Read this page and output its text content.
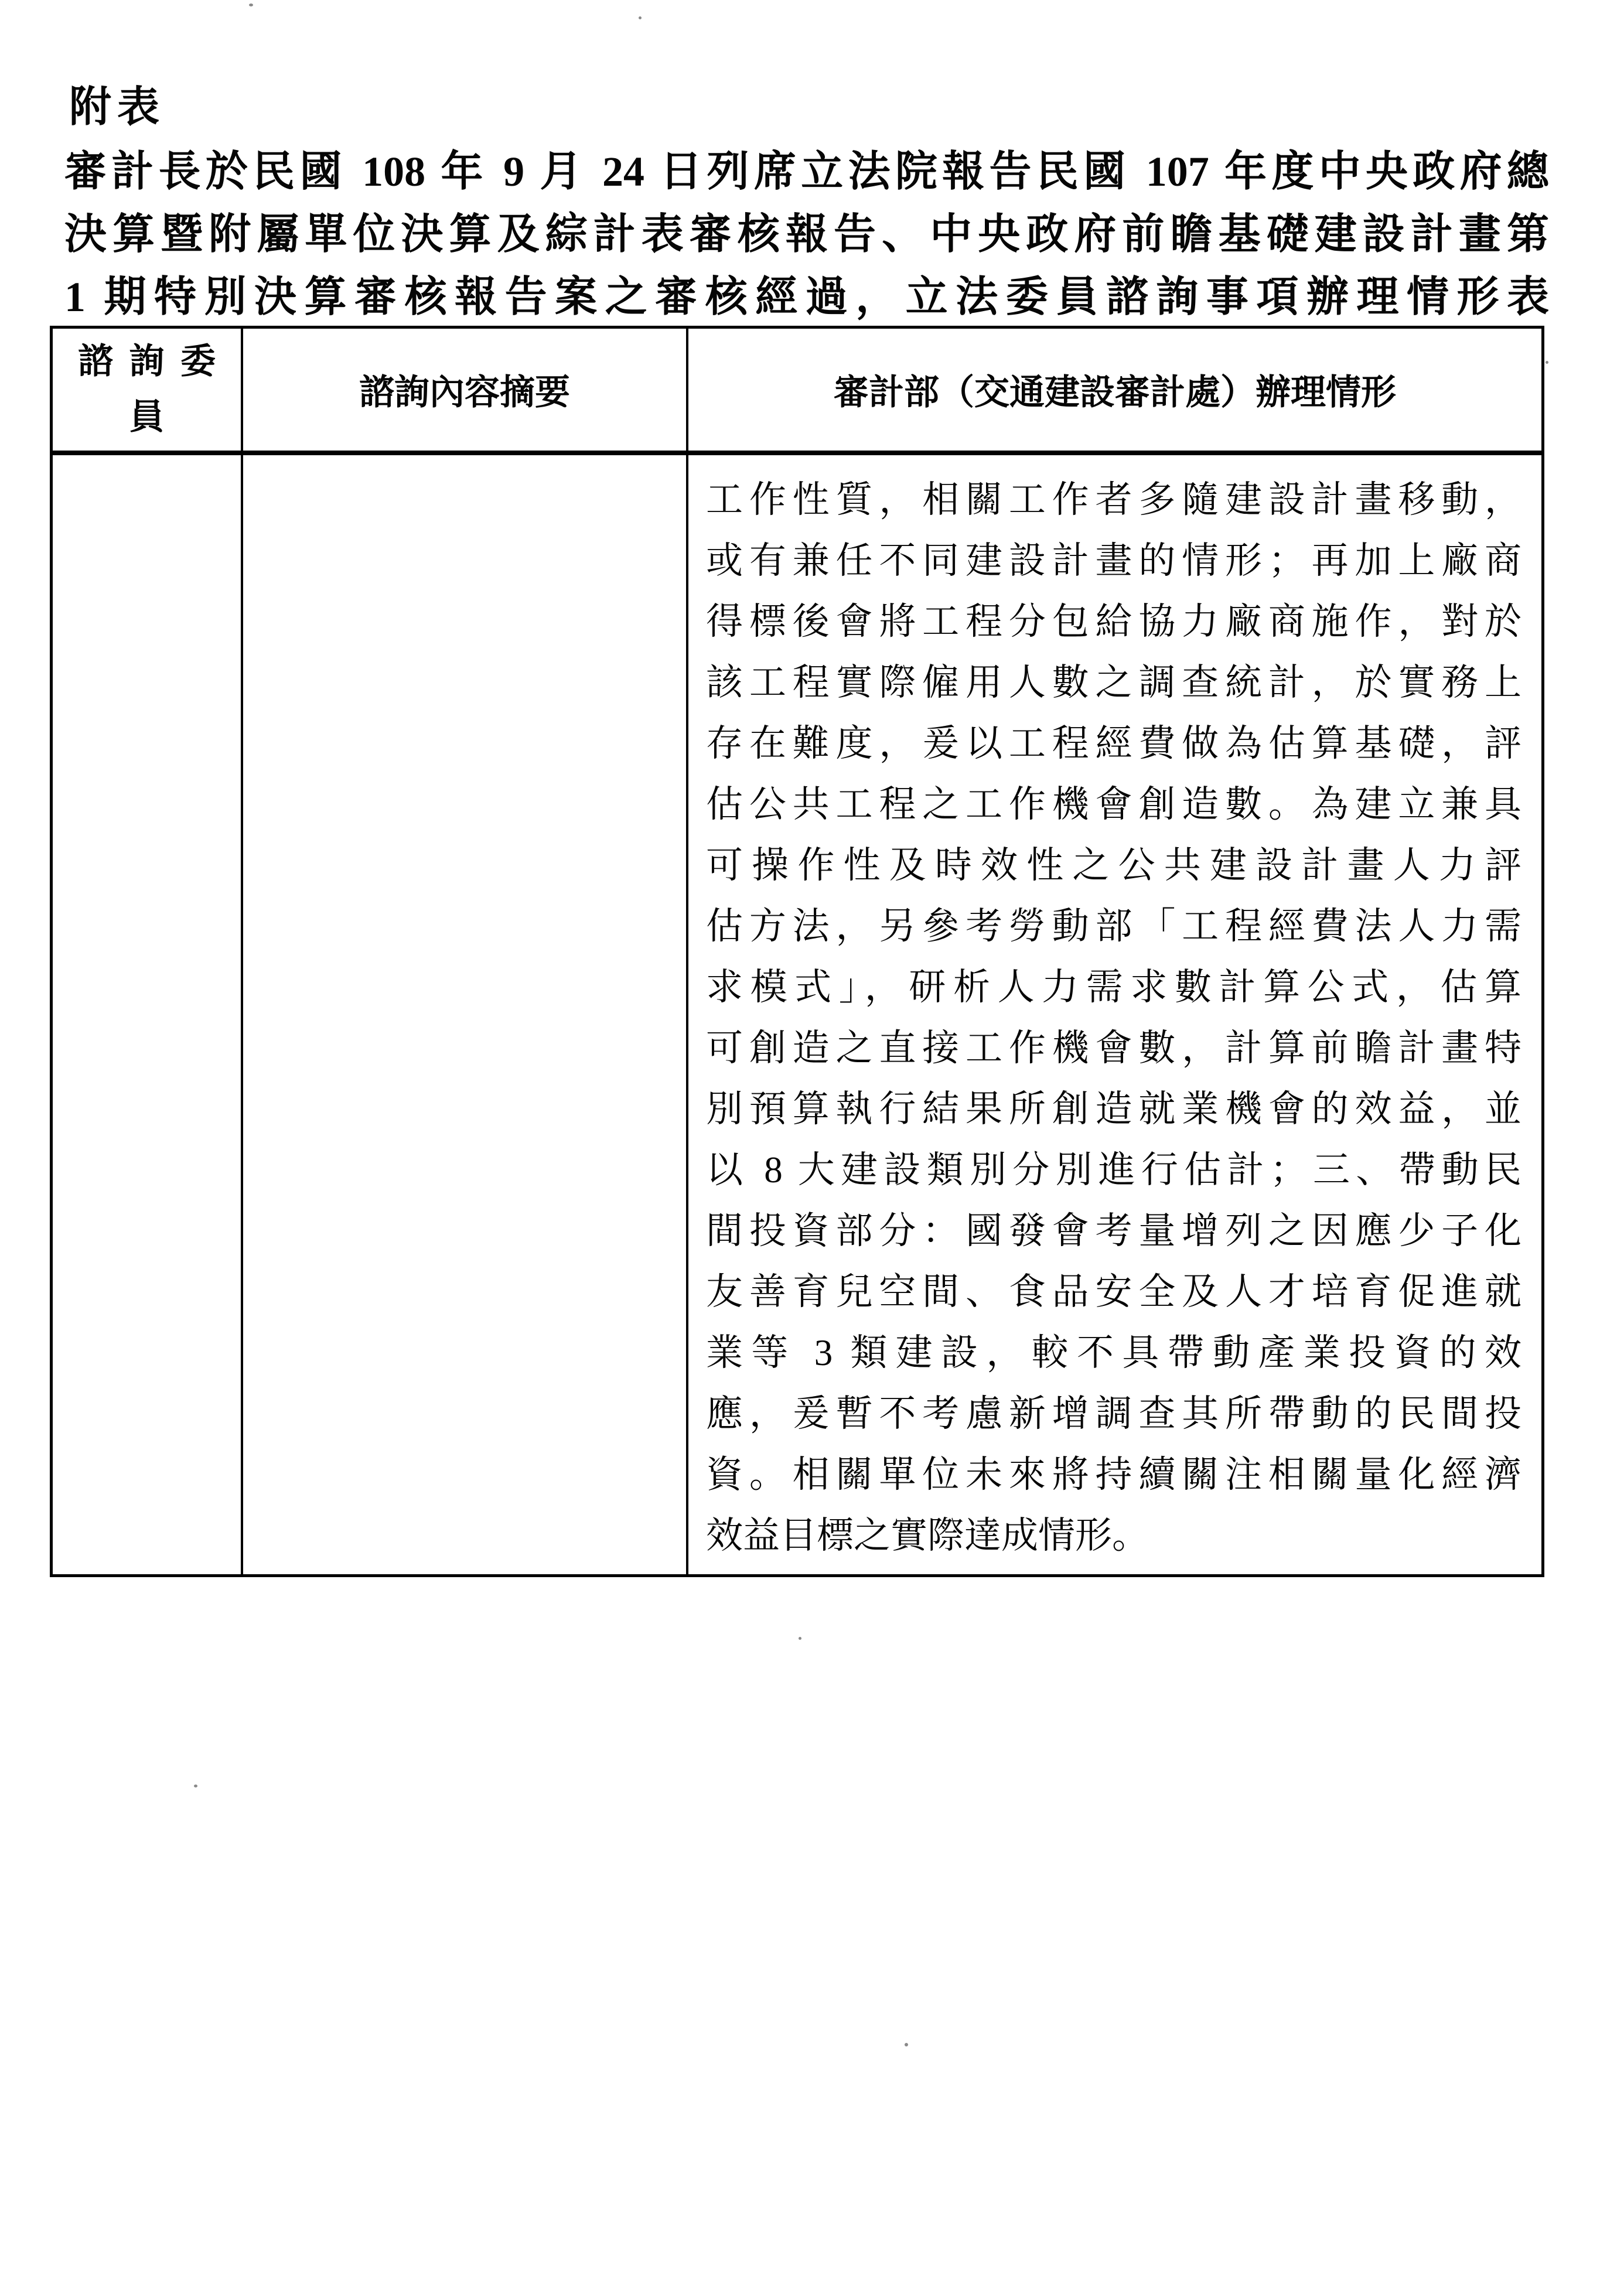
附表
審計長於民國 108 年 9 月 24 日列席立法院報告民國 107 年度中央政府總
決算暨附屬單位決算及綜計表審核報告、中央政府前瞻基礎建設計畫第
1 期特別決算審核報告案之審核經過，立法委員諮詢事項辦理情形表
諮詢委員
諮詢內容摘要	審計部（交通建設審計處）辦理情形
工作性質，相關工作者多隨建設計畫移動，
或有兼任不同建設計畫的情形；再加上廠商
得標後會將工程分包給協力廠商施作，對於
該工程實際僱用人數之調查統計，於實務上
存在難度，爰以工程經費做為估算基礎，評
估公共工程之工作機會創造數。為建立兼具
可操作性及時效性之公共建設計畫人力評
估方法，另參考勞動部「工程經費法人力需
求模式」，研析人力需求數計算公式，估算
可創造之直接工作機會數，計算前瞻計畫特
別預算執行結果所創造就業機會的效益，並
以 8 大建設類別分別進行估計；三、帶動民
間投資部分：國發會考量增列之因應少子化
友善育兒空間、食品安全及人才培育促進就
業等 3 類建設，較不具帶動產業投資的效
應，爰暫不考慮新增調查其所帶動的民間投
資。相關單位未來將持續關注相關量化經濟
效益目標之實際達成情形。
